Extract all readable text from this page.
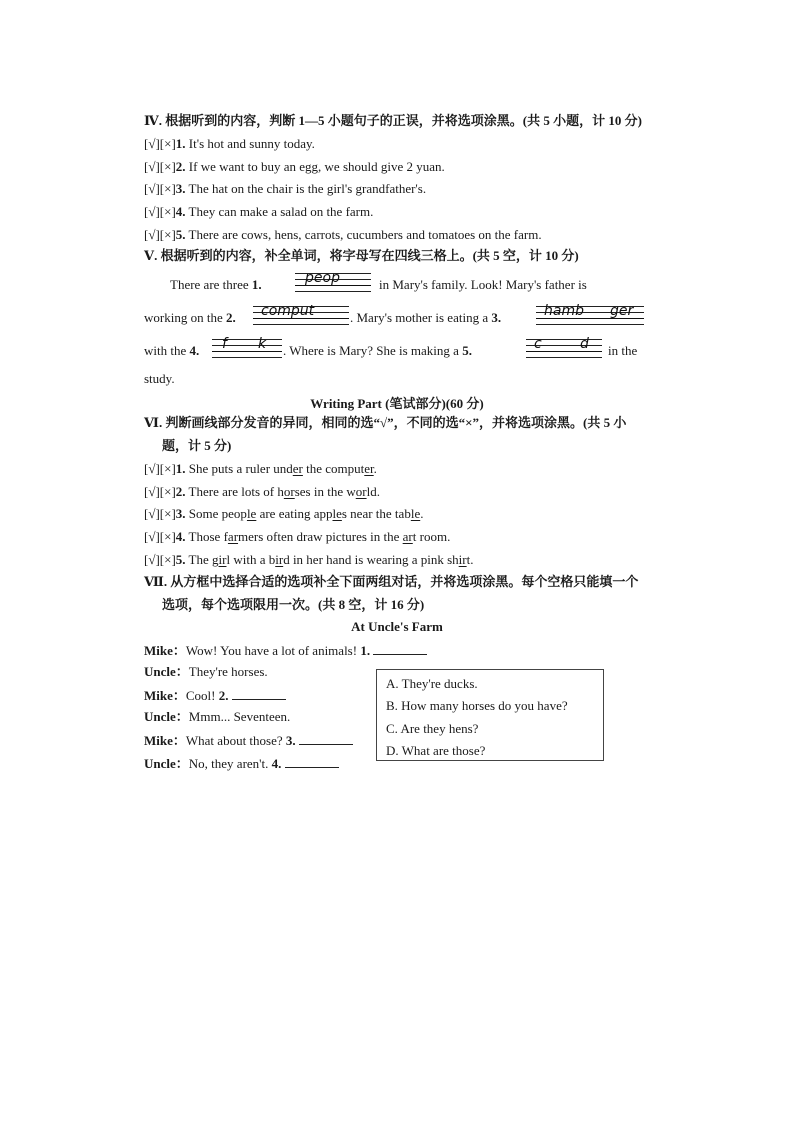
Ⅳ. 根据听到的内容，判断 1—5 小题句子的正误，并将选项涂黑。(共 5 小题，计 10 分)
[√][×]1. It's hot and sunny today.
[√][×]2. If we want to buy an egg, we should give 2 yuan.
[√][×]3. The hat on the chair is the girl's grandfather's.
[√][×]4. They can make a salad on the farm.
[√][×]5. There are cows, hens, carrots, cucumbers and tomatoes on the farm.
Ⅴ. 根据听到的内容，补全单词，将字母写在四线三格上。(共 5 空，计 10 分)
There are three 1.	peop	in Mary's family. Look! Mary's father is
working on the 2. comput	. Mary's mother is eating a 3.	hamb ger
with the 4. f k . Where is Mary? She is making a 5.	c	d in the
study.
Writing Part (笔试部分)(60 分)
Ⅵ. 判断画线部分发音的异同，相同的选“√”，不同的选“×”，并将选项涂黑。(共 5 小
题，计 5 分)
[√][×]1. She puts a ruler under the computer.
[√][×]2. There are lots of horses in the world.
[√][×]3. Some people are eating apples near the table.
[√][×]4. Those farmers often draw pictures in the art room.
[√][×]5. The girl with a bird in her hand is wearing a pink shirt.
Ⅶ. 从方框中选择合适的选项补全下面两组对话，并将选项涂黑。每个空格只能填一个
选项，每个选项限用一次。(共 8 空，计 16 分)
At Uncle's Farm
Mike：Wow! You have a lot of animals! 1.
Uncle：They're horses.
Mike：Cool! 2.
Uncle：Mmm... Seventeen.
Mike：What about those? 3.
Uncle：No, they aren't. 4.
A. They're ducks.
B. How many horses do you have?
C. Are they hens?
D. What are those?
